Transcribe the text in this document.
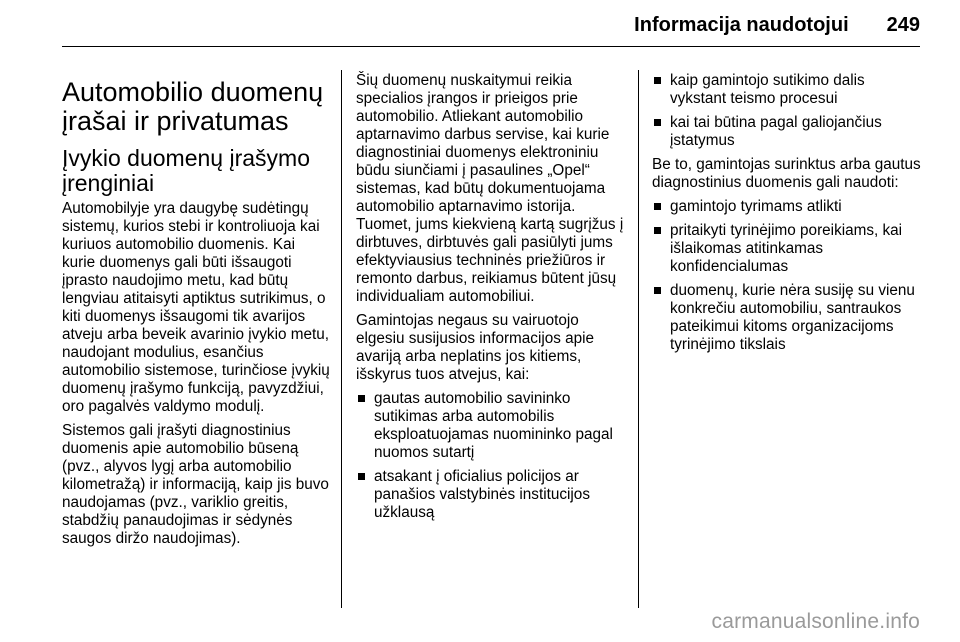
Informacija naudotojui 249
Automobilio duomenų įrašai ir privatumas
Įvykio duomenų įrašymo įrenginiai

Automobilyje yra daugybę sudėtingų sistemų, kurios stebi ir kontroliuoja kai kuriuos automobilio duomenis. Kai kurie duomenys gali būti išsaugoti įprasto naudojimo metu, kad būtų lengviau atitaisyti aptiktus sutrikimus, o kiti duomenys išsaugomi tik avarijos atveju arba beveik avarinio įvykio metu, naudojant modulius, esančius automobilio sistemose, turinčiose įvykių duomenų įrašymo funkciją, pavyzdžiui, oro pagalvės valdymo modulį.

Sistemos gali įrašyti diagnostinius duomenis apie automobilio būseną (pvz., alyvos lygį arba automobilio kilometražą) ir informaciją, kaip jis buvo naudojamas (pvz., variklio greitis, stabdžių panaudojimas ir sėdynės saugos diržo naudojimas).

Šių duomenų nuskaitymui reikia specialios įrangos ir prieigos prie automobilio. Atliekant automobilio aptarnavimo darbus servise, kai kurie diagnostiniai duomenys elektroniniu būdu siunčiami į pasaulines „Opel“ sistemas, kad būtų dokumentuojama automobilio aptarnavimo istorija. Tuomet, jums kiekvieną kartą sugrįžus į dirbtuves, dirbtuvės gali pasiūlyti jums efektyviausius techninės priežiūros ir remonto darbus, reikiamus būtent jūsų individualiam automobiliui.

Gamintojas negaus su vairuotojo elgesiu susijusios informacijos apie avariją arba neplatins jos kitiems, išskyrus tuos atvejus, kai:

gautas automobilio savininko sutikimas arba automobilis eksploatuojamas nuomininko pagal nuomos sutartį
atsakant į oficialius policijos ar panašios valstybinės institucijos užklausą
kaip gamintojo sutikimo dalis vykstant teismo procesui
kai tai būtina pagal galiojančius įstatymus

Be to, gamintojas surinktus arba gautus diagnostinius duomenis gali naudoti:

gamintojo tyrimams atlikti
pritaikyti tyrinėjimo poreikiams, kai išlaikomas atitinkamas konfidencialumas
duomenų, kurie nėra susiję su vienu konkrečiu automobiliu, santraukos pateikimui kitoms organizacijoms tyrinėjimo tikslais
carmanualsonline.info
